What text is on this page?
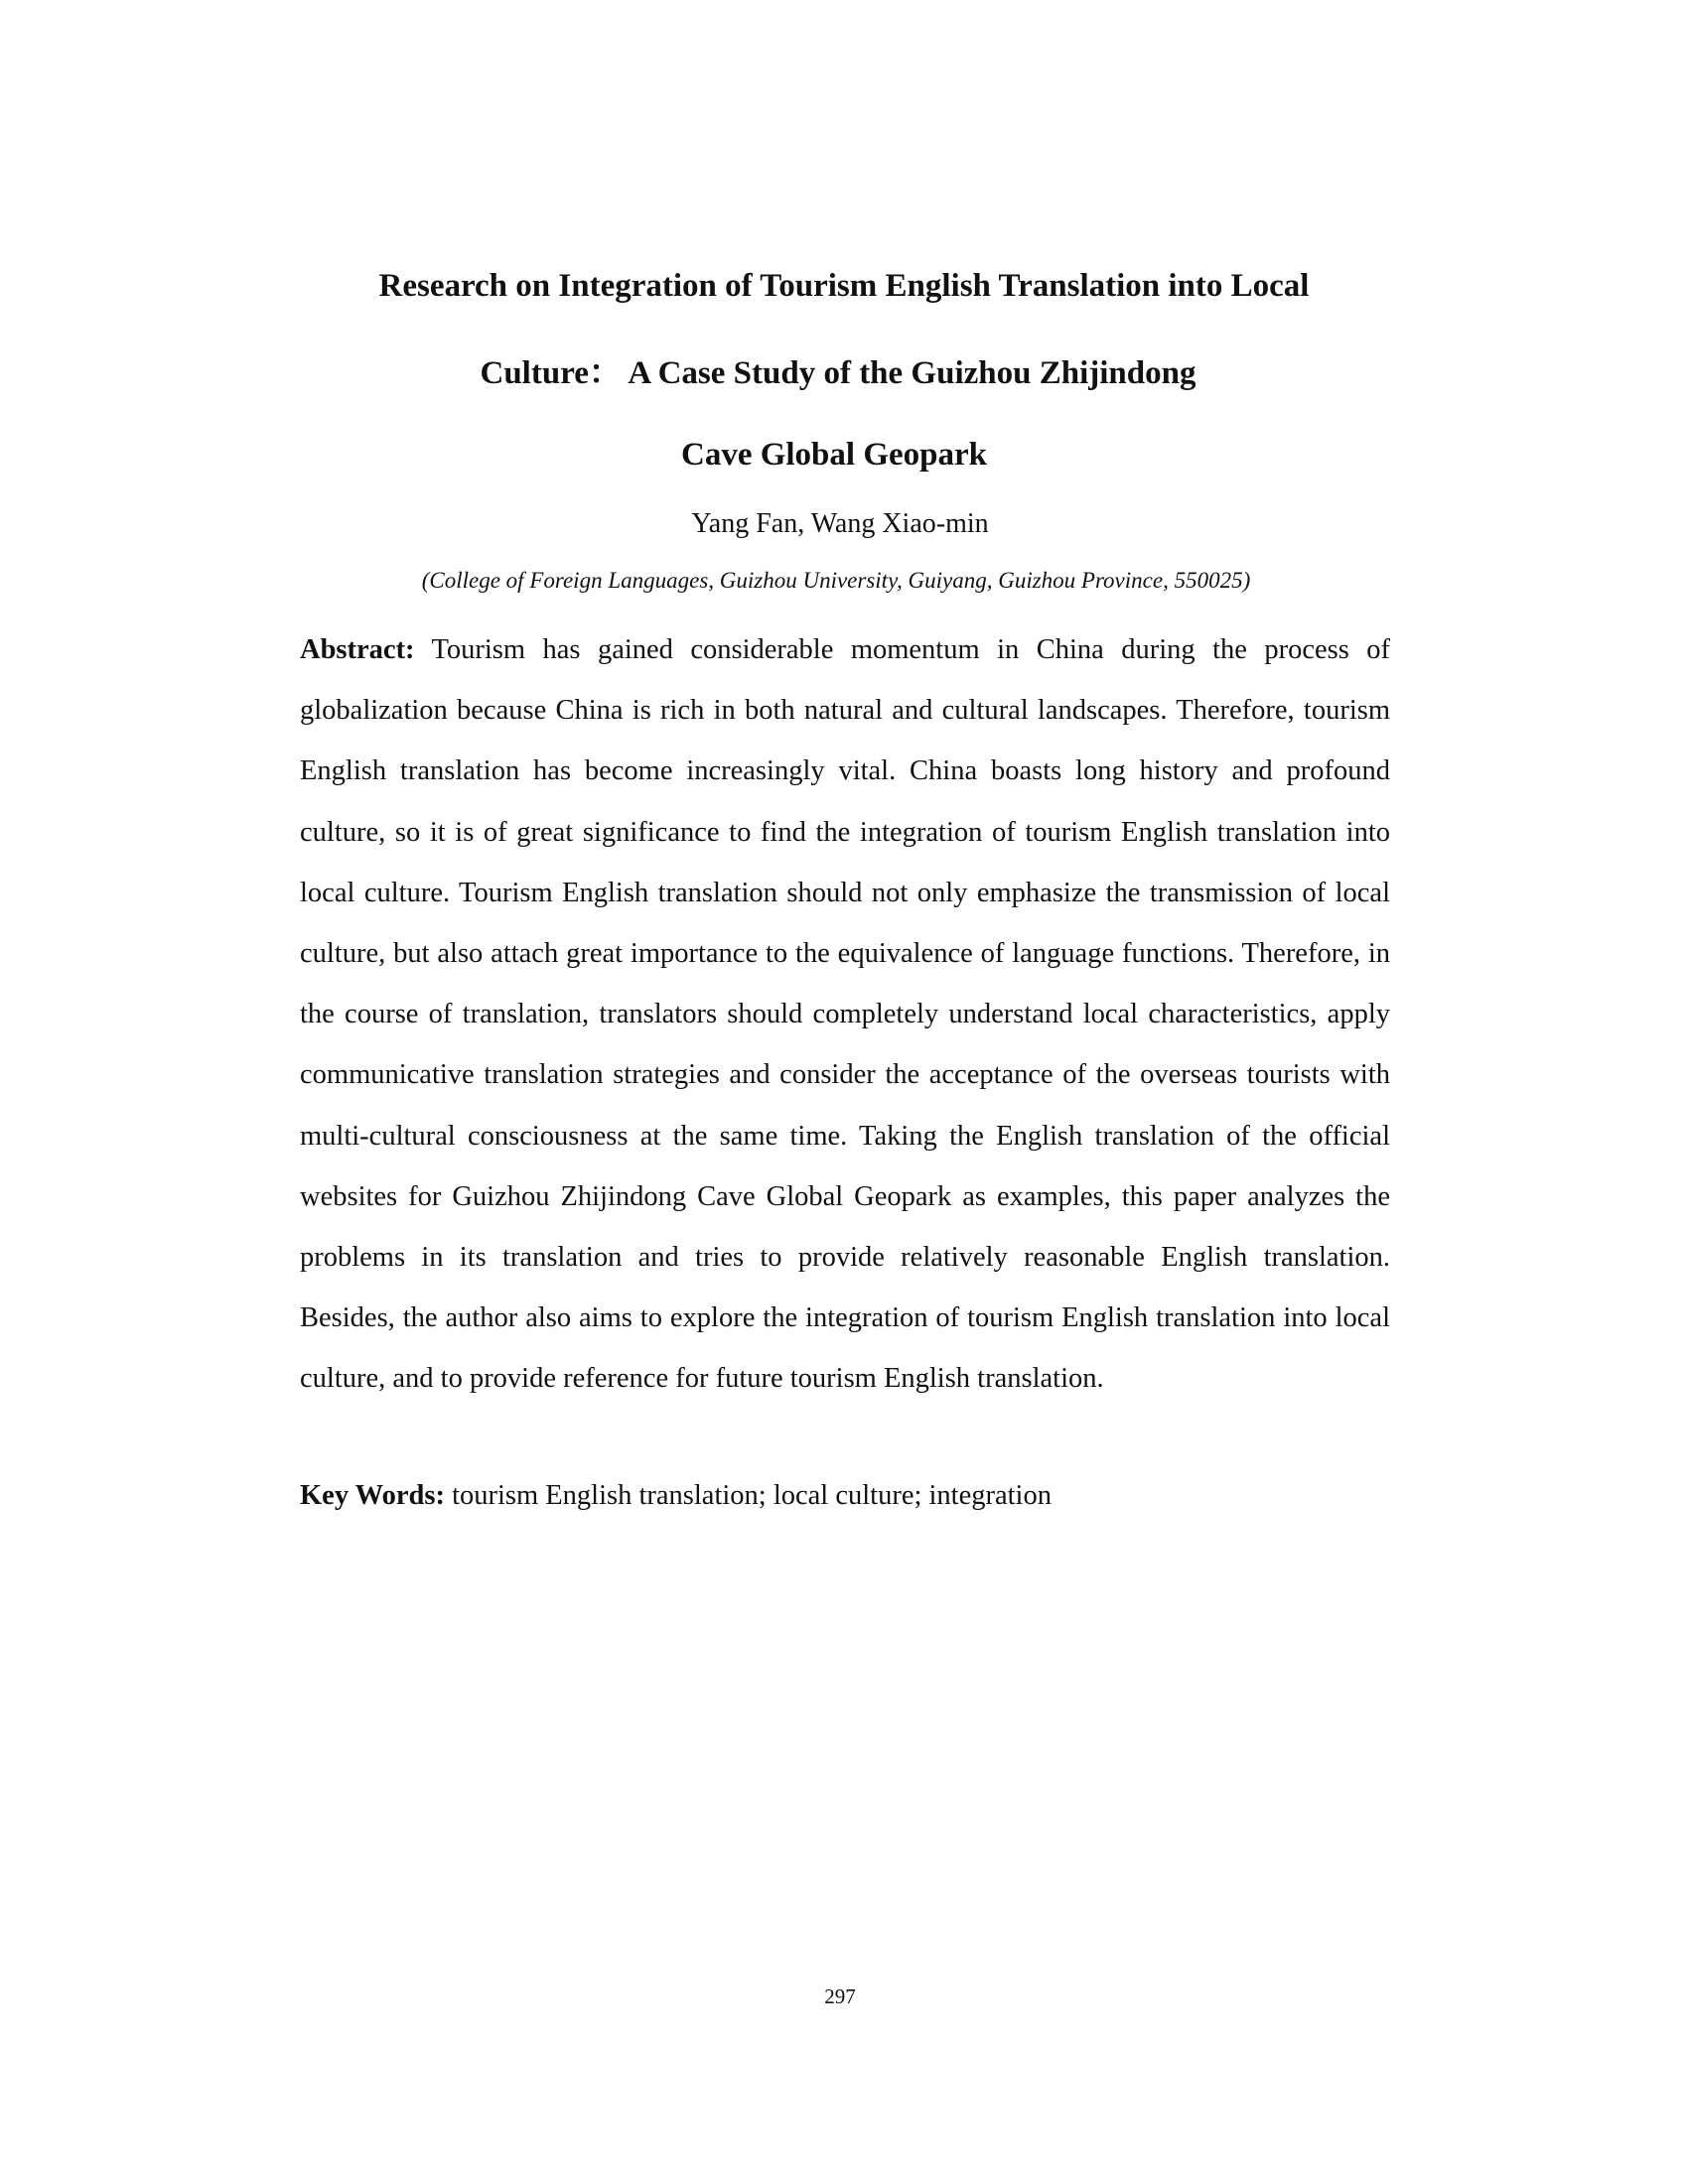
Research on Integration of Tourism English Translation into Local
Culture： A Case Study of the Guizhou Zhijindong
Cave Global Geopark
Yang Fan, Wang Xiao-min
(College of Foreign Languages, Guizhou University, Guiyang, Guizhou Province, 550025)

Abstract: Tourism has gained considerable momentum in China during the process of globalization because China is rich in both natural and cultural landscapes. Therefore, tourism English translation has become increasingly vital. China boasts long history and profound culture, so it is of great significance to find the integration of tourism English translation into local culture. Tourism English translation should not only emphasize the transmission of local culture, but also attach great importance to the equivalence of language functions. Therefore, in the course of translation, translators should completely understand local characteristics, apply communicative translation strategies and consider the acceptance of the overseas tourists with multi-cultural consciousness at the same time. Taking the English translation of the official websites for Guizhou Zhijindong Cave Global Geopark as examples, this paper analyzes the problems in its translation and tries to provide relatively reasonable English translation. Besides, the author also aims to explore the integration of tourism English translation into local culture, and to provide reference for future tourism English translation.

Key Words: tourism English translation; local culture; integration

297
